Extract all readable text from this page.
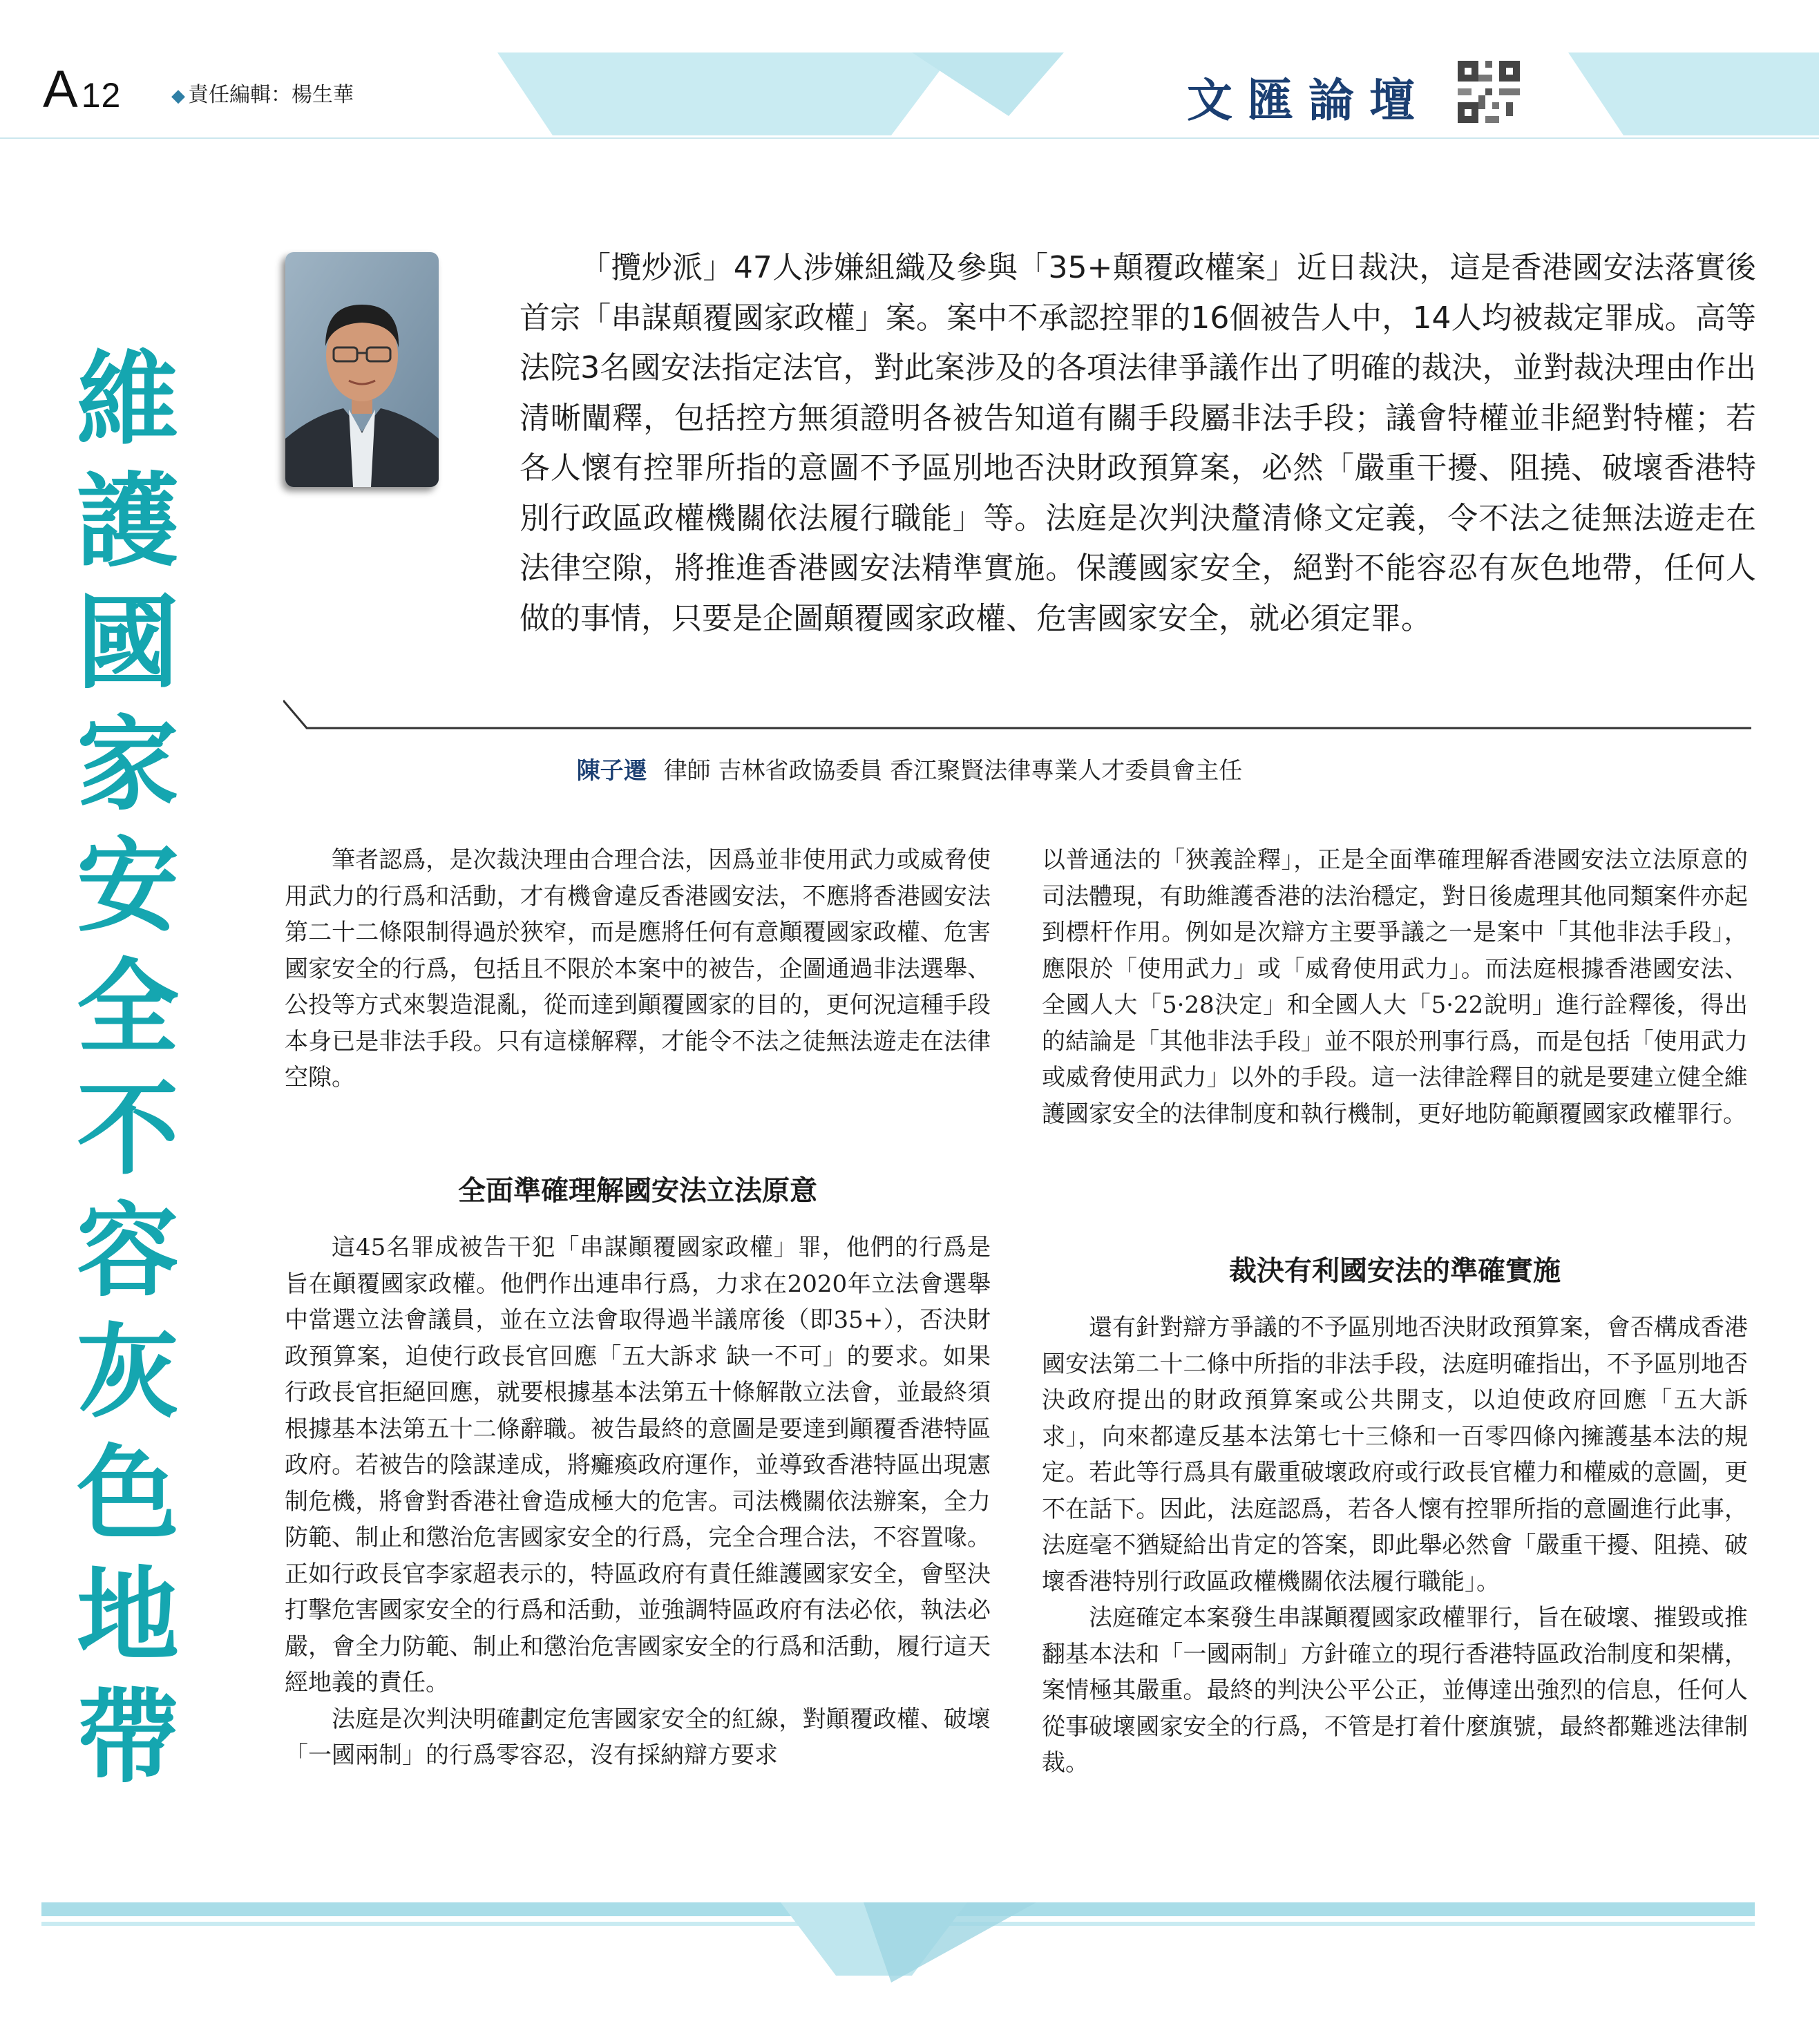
A12	◆ 責任編輯：楊生華	文匯論壇
維
護
國
家
安
全
不
容
灰
色
地
帶
「攬炒派」47人涉嫌組織及參與「35+顛覆政權案」近日裁決，這是香港國安法落實後首宗「串謀顛覆國家政權」案。案中不承認控罪的16個被告人中，14人均被裁定罪成。高等法院3名國安法指定法官，對此案涉及的各項法律爭議作出了明確的裁決，並對裁決理由作出清晰闡釋，包括控方無須證明各被告知道有關手段屬非法手段；議會特權並非絕對特權；若各人懷有控罪所指的意圖不予區別地否決財政預算案，必然「嚴重干擾、阻撓、破壞香港特別行政區政權機關依法履行職能」等。法庭是次判決釐清條文定義，令不法之徒無法遊走在法律空隙，將推進香港國安法精準實施。保護國家安全，絕對不能容忍有灰色地帶，任何人做的事情，只要是企圖顛覆國家政權、危害國家安全，就必須定罪。
陳子遷 律師 吉林省政協委員 香江聚賢法律專業人才委員會主任

筆者認爲，是次裁決理由合理合法，因爲並非使用武力或威脅使用武力的行爲和活動，才有機會違反香港國安法，不應將香港國安法第二十二條限制得過於狹窄，而是應將任何有意顚覆國家政權、危害國家安全的行爲，包括且不限於本案中的被告，企圖通過非法選舉、公投等方式來製造混亂，從而達到顚覆國家的目的，更何況這種手段本身已是非法手段。只有這樣解釋，才能令不法之徒無法遊走在法律空隙。

全面準確理解國安法立法原意

這45名罪成被告干犯「串謀顚覆國家政權」罪，他們的行爲是旨在顚覆國家政權。他們作出連串行爲，力求在2020年立法會選舉中當選立法會議員，並在立法會取得過半議席後（即35+），否決財政預算案，迫使行政長官回應「五大訴求 缺一不可」的要求。如果行政長官拒絕回應，就要根據基本法第五十條解散立法會，並最終須根據基本法第五十二條辭職。被告最終的意圖是要達到顚覆香港特區政府。若被告的陰謀達成，將癱瘓政府運作，並導致香港特區出現憲制危機，將會對香港社會造成極大的危害。司法機關依法辦案，全力防範、制止和懲治危害國家安全的行爲，完全合理合法，不容置喙。正如行政長官李家超表示的，特區政府有責任維護國家安全，會堅決打擊危害國家安全的行爲和活動，並強調特區政府有法必依，執法必嚴，會全力防範、制止和懲治危害國家安全的行爲和活動，履行這天經地義的責任。

法庭是次判決明確劃定危害國家安全的紅線，對顚覆政權、破壞「一國兩制」的行爲零容忍，沒有採納辯方要求

以普通法的「狹義詮釋」，正是全面準確理解香港國安法立法原意的司法體現，有助維護香港的法治穩定，對日後處理其他同類案件亦起到標杆作用。例如是次辯方主要爭議之一是案中「其他非法手段」，應限於「使用武力」或「威脅使用武力」。而法庭根據香港國安法、全國人大「5·28決定」和全國人大「5·22說明」進行詮釋後，得出的結論是「其他非法手段」並不限於刑事行爲，而是包括「使用武力或威脅使用武力」以外的手段。這一法律詮釋目的就是要建立健全維護國家安全的法律制度和執行機制，更好地防範顚覆國家政權罪行。

裁決有利國安法的準確實施

還有針對辯方爭議的不予區別地否決財政預算案，會否構成香港國安法第二十二條中所指的非法手段，法庭明確指出，不予區別地否決政府提出的財政預算案或公共開支，以迫使政府回應「五大訴求」，向來都違反基本法第七十三條和一百零四條內擁護基本法的規定。若此等行爲具有嚴重破壞政府或行政長官權力和權威的意圖，更不在話下。因此，法庭認爲，若各人懷有控罪所指的意圖進行此事，法庭毫不猶疑給出肯定的答案，即此舉必然會「嚴重干擾、阻撓、破壞香港特別行政區政權機關依法履行職能」。

法庭確定本案發生串謀顚覆國家政權罪行，旨在破壞、摧毀或推翻基本法和「一國兩制」方針確立的現行香港特區政治制度和架構，案情極其嚴重。最終的判決公平公正，並傳達出強烈的信息，任何人從事破壞國家安全的行爲，不管是打着什麼旗號，最終都難逃法律制裁。
